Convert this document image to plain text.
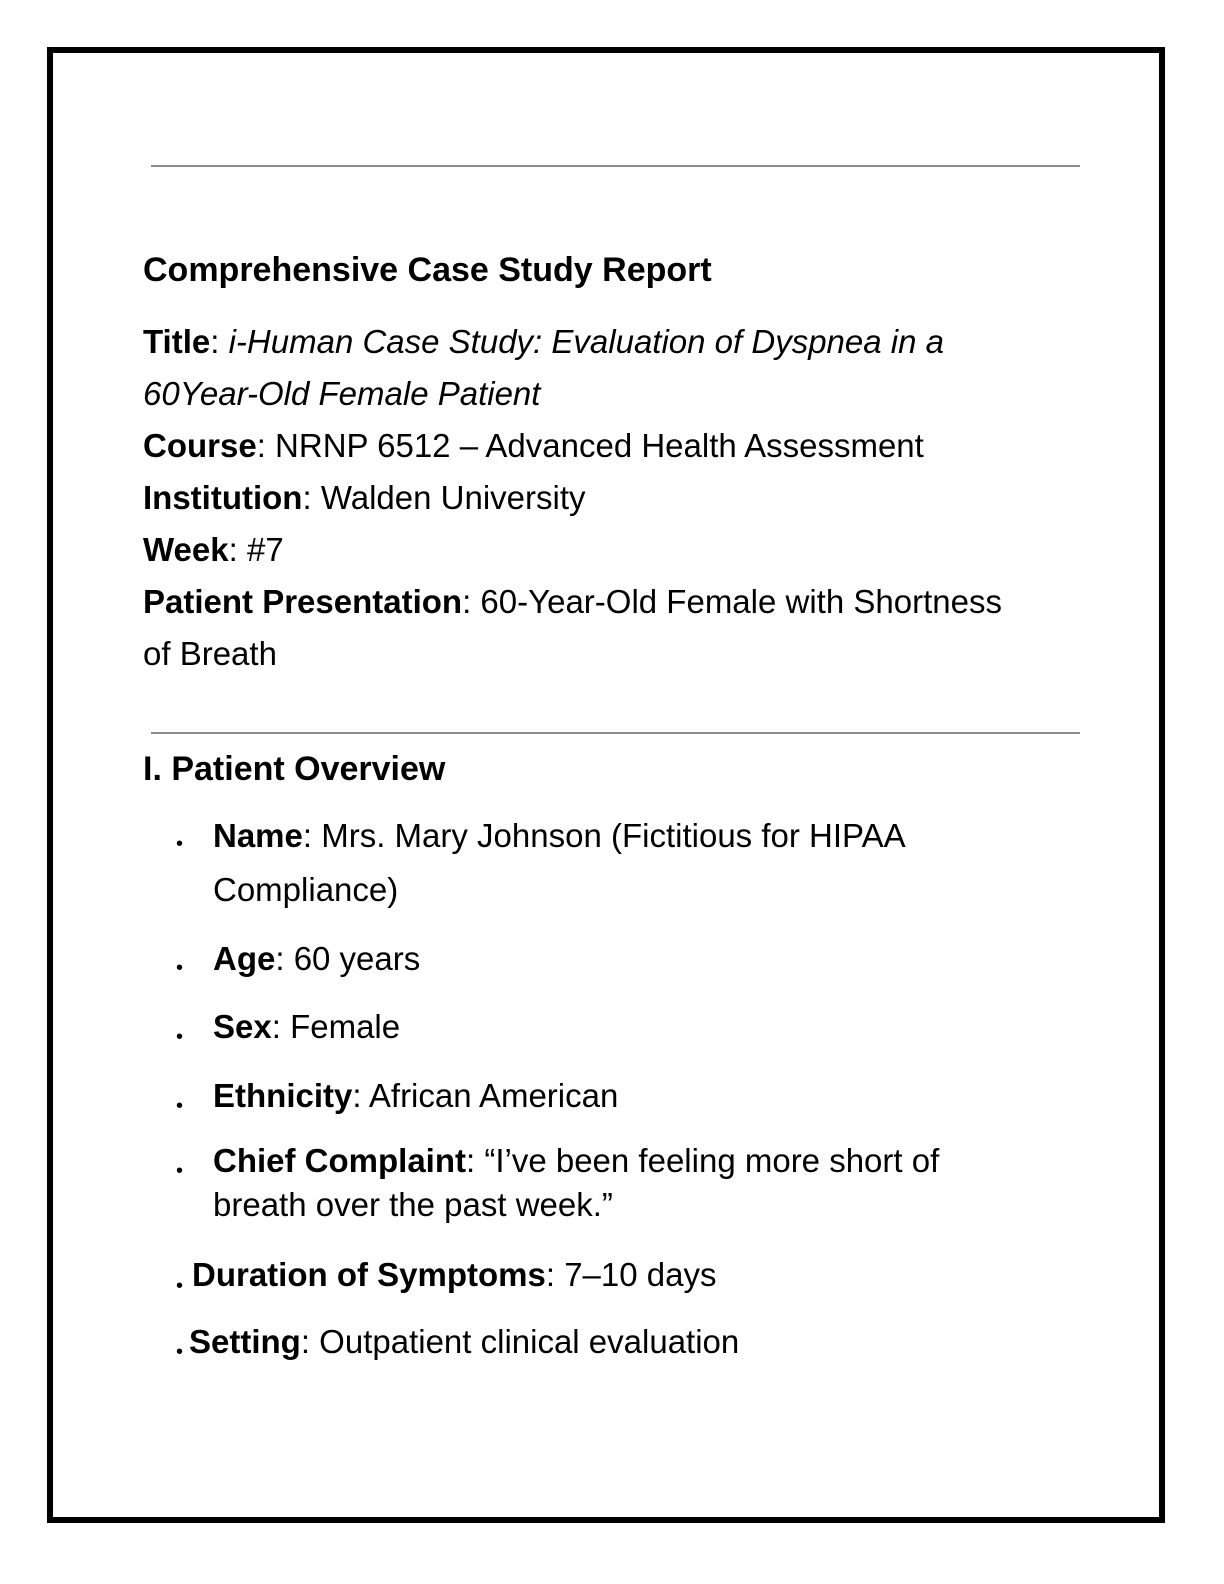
Comprehensive Case Study Report
Title: i-Human Case Study: Evaluation of Dyspnea in a
60Year-Old Female Patient
Course: NRNP 6512 – Advanced Health Assessment
Institution: Walden University
Week: #7
Patient Presentation: 60-Year-Old Female with Shortness
of Breath
I. Patient Overview
• Name: Mrs. Mary Johnson (Fictitious for HIPAA
Compliance)
• Age: 60 years
• Sex: Female
• Ethnicity: African American
• Chief Complaint: “I’ve been feeling more short of
breath over the past week.”
• Duration of Symptoms: 7–10 days
• Setting: Outpatient clinical evaluation
